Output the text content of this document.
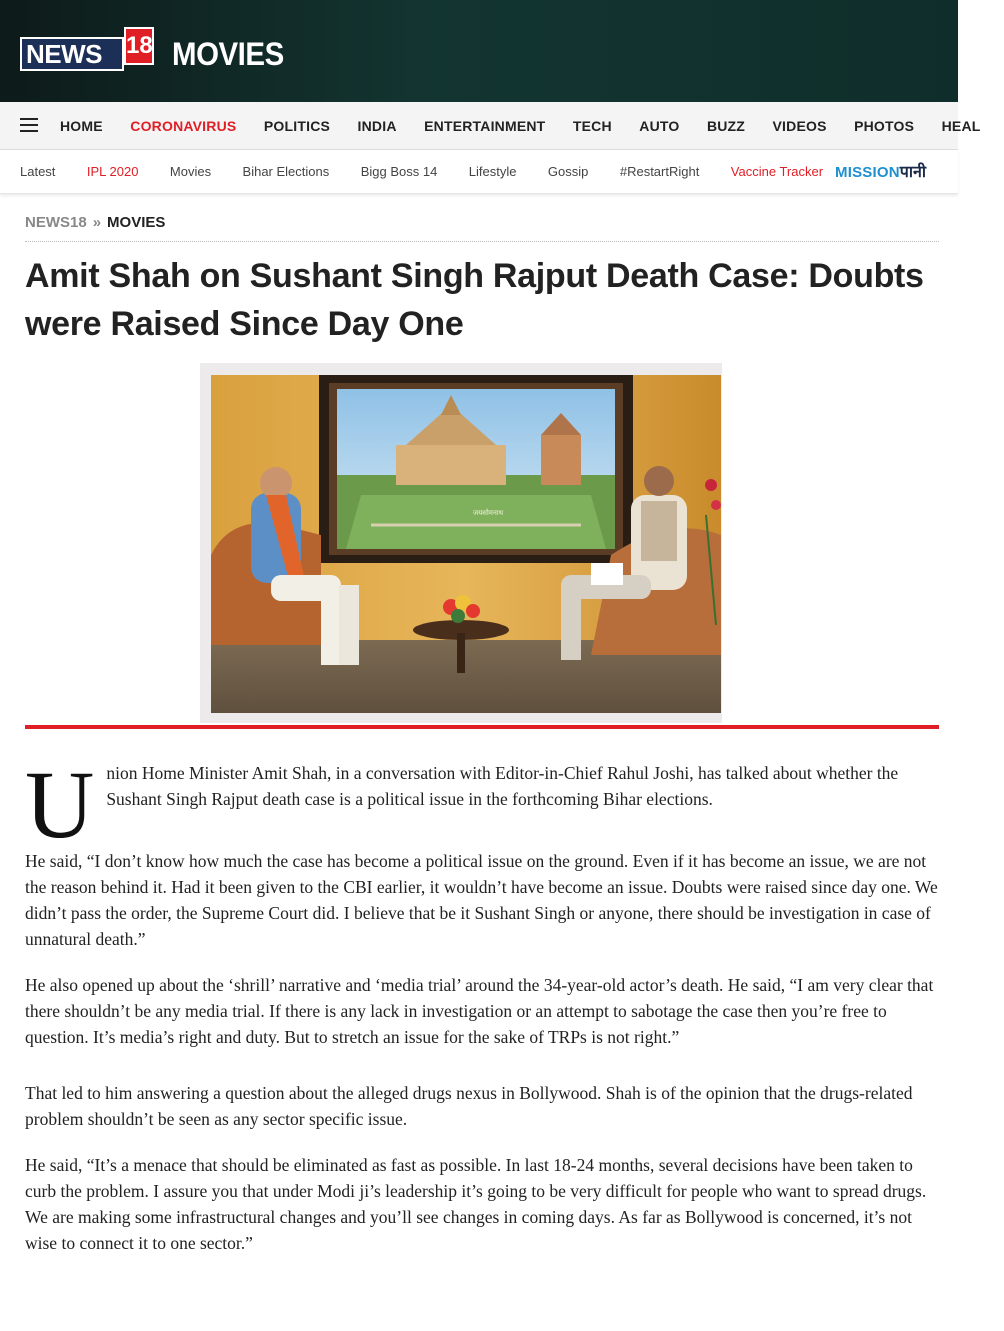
NEWS	18 MOVIES
HOME CORONAVIRUS POLITICS INDIA ENTERTAINMENT TECH AUTO BUZZ VIDEOS PHOTOS HEAL
Latest IPL 2020 Movies Bihar Elections Bigg Boss 14 Lifestyle Gossip #RestartRight Vaccine Tracker MISSIONपानी
NEWS18 » MOVIES
Amit Shah on Sushant Singh Rajput Death Case: Doubts were Raised Since Day One
जयसोमनाथ
U nion Home Minister Amit Shah, in a conversation with Editor-in-Chief Rahul Joshi, has talked about whether the Sushant Singh Rajput death case is a political issue in the forthcoming Bihar elections.

He said, “I don’t know how much the case has become a political issue on the ground. Even if it has become an issue, we are not the reason behind it. Had it been given to the CBI earlier, it wouldn’t have become an issue. Doubts were raised since day one. We didn’t pass the order, the Supreme Court did. I believe that be it Sushant Singh or anyone, there should be investigation in case of unnatural death.”

He also opened up about the ‘shrill’ narrative and ‘media trial’ around the 34-year-old actor’s death. He said, “I am very clear that there shouldn’t be any media trial. If there is any lack in investigation or an attempt to sabotage the case then you’re free to question. It’s media’s right and duty. But to stretch an issue for the sake of TRPs is not right.”

That led to him answering a question about the alleged drugs nexus in Bollywood. Shah is of the opinion that the drugs-related problem shouldn’t be seen as any sector specific issue.

He said, “It’s a menace that should be eliminated as fast as possible. In last 18-24 months, several decisions have been taken to curb the problem. I assure you that under Modi ji’s leadership it’s going to be very difficult for people who want to spread drugs. We are making some infrastructural changes and you’ll see changes in coming days. As far as Bollywood is concerned, it’s not wise to connect it to one sector.”
